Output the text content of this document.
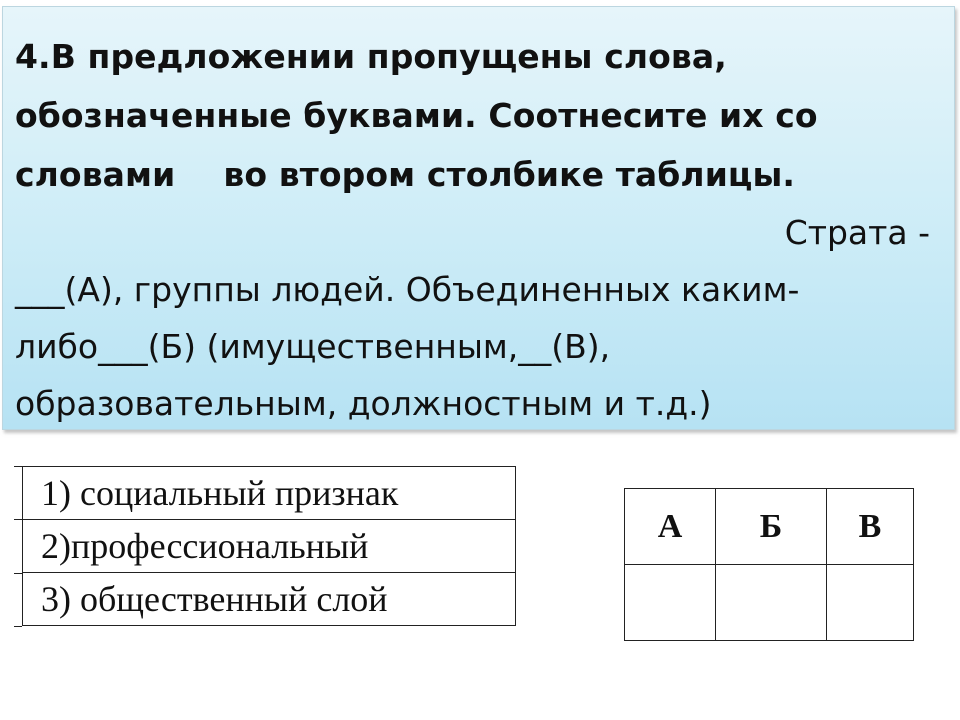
4.В предложении пропущены слова,
обозначенные буквами. Соотнесите их со
словами во втором столбике таблицы.

Страта -
___(А), группы людей. Объединенных каким-
либо___(Б) (имущественным,__(В),
образовательным, должностным и т.д.)

1) социальный признак
2)профессиональный
3) общественный слой
А	Б	В
